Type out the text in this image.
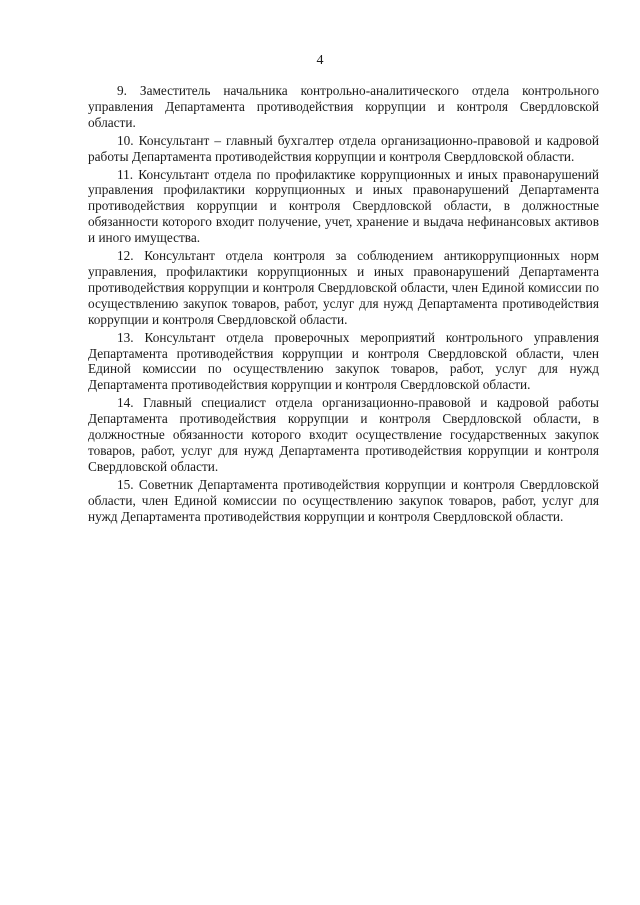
4

9. Заместитель начальника контрольно-аналитического отдела контрольного управления Департамента противодействия коррупции и контроля Свердловской области.

10. Консультант – главный бухгалтер отдела организационно-правовой и кадровой работы Департамента противодействия коррупции и контроля Свердловской области.

11. Консультант отдела по профилактике коррупционных и иных правонарушений управления профилактики коррупционных и иных правонарушений Департамента противодействия коррупции и контроля Свердловской области, в должностные обязанности которого входит получение, учет, хранение и выдача нефинансовых активов и иного имущества.

12. Консультант отдела контроля за соблюдением антикоррупционных норм управления, профилактики коррупционных и иных правонарушений Департамента противодействия коррупции и контроля Свердловской области, член Единой комиссии по осуществлению закупок товаров, работ, услуг для нужд Департамента противодействия коррупции и контроля Свердловской области.

13. Консультант отдела проверочных мероприятий контрольного управления Департамента противодействия коррупции и контроля Свердловской области, член Единой комиссии по осуществлению закупок товаров, работ, услуг для нужд Департамента противодействия коррупции и контроля Свердловской области.

14. Главный специалист отдела организационно-правовой и кадровой работы Департамента противодействия коррупции и контроля Свердловской области, в должностные обязанности которого входит осуществление государственных закупок товаров, работ, услуг для нужд Департамента противодействия коррупции и контроля Свердловской области.

15. Советник Департамента противодействия коррупции и контроля Свердловской области, член Единой комиссии по осуществлению закупок товаров, работ, услуг для нужд Департамента противодействия коррупции и контроля Свердловской области.
